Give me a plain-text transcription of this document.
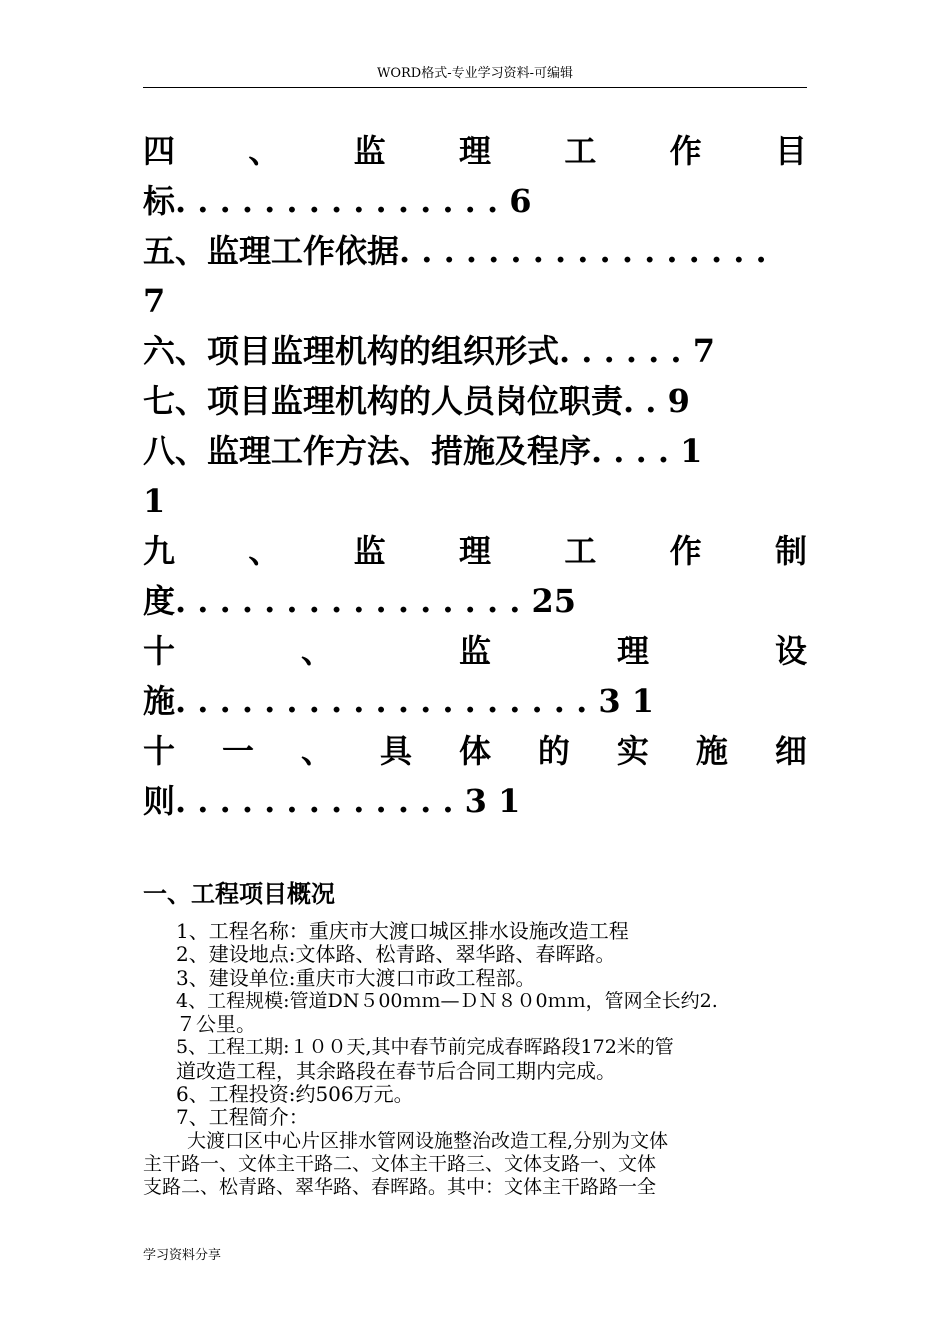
WORD格式-专业学习资料-可编辑
四 、 监 理 工 作 目
标. . . . . . . . . . . . . . . 6
五、监理工作依据. . . . . . . . . . . . . . . . .
7
六、项目监理机构的组织形式. . . . . . 7
七、项目监理机构的人员岗位职责. . 9
八、监理工作方法、措施及程序. . . . 1
1
九 、 监 理 工 作 制
度. . . . . . . . . . . . . . . . 25
十	、	监	理	设
施. . . . . . . . . . . . . . . . . . . 3 1
十 一 、 具 体 的 实 施 细
则. . . . . . . . . . . . . 3 1
一、工程项目概况
1、工程名称：重庆市大渡口城区排水设施改造工程
2、建设地点:文体路、松青路、翠华路、春晖路。
3、建设单位:重庆市大渡口市政工程部。
4、工程规模:管道DN５00ｍｍ—ＤＮ８０0ｍｍ，管网全长约2.
７公里。
5、工程工期:１００天,其中春节前完成春晖路段172米的管
道改造工程，其余路段在春节后合同工期内完成。
6、工程投资:约506万元。
7、工程简介：
大渡口区中心片区排水管网设施整治改造工程,分别为文体
主干路一、文体主干路二、文体主干路三、文体支路一、文体
支路二、松青路、翠华路、春晖路。其中：文体主干路路一全
学习资料分享
